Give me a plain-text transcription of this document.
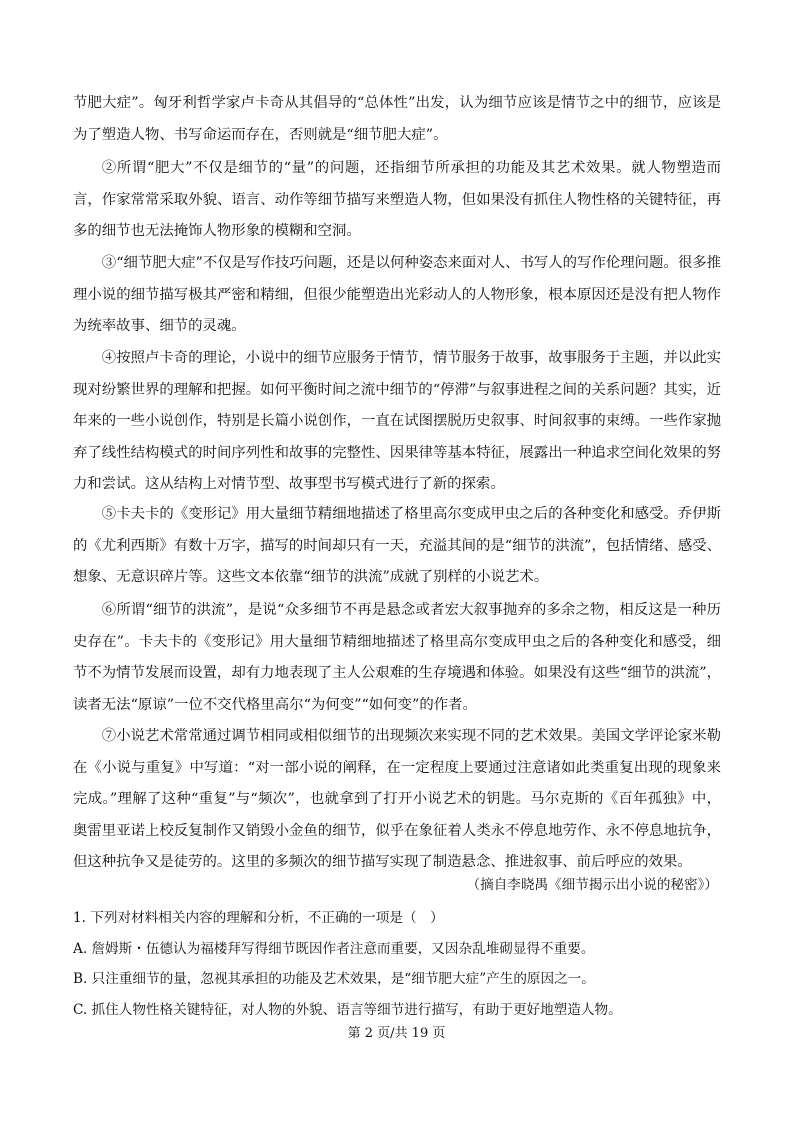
节肥大症”。匈牙利哲学家卢卡奇从其倡导的“总体性”出发，认为细节应该是情节之中的细节，应该是为了塑造人物、书写命运而存在，否则就是“细节肥大症”。

②所谓“肥大”不仅是细节的“量”的问题，还指细节所承担的功能及其艺术效果。就人物塑造而言，作家常常采取外貌、语言、动作等细节描写来塑造人物，但如果没有抓住人物性格的关键特征，再多的细节也无法掩饰人物形象的模糊和空洞。

③“细节肥大症”不仅是写作技巧问题，还是以何种姿态来面对人、书写人的写作伦理问题。很多推理小说的细节描写极其严密和精细，但很少能塑造出光彩动人的人物形象，根本原因还是没有把人物作为统率故事、细节的灵魂。

④按照卢卡奇的理论，小说中的细节应服务于情节，情节服务于故事，故事服务于主题，并以此实现对纷繁世界的理解和把握。如何平衡时间之流中细节的“停滞”与叙事进程之间的关系问题？其实，近年来的一些小说创作，特别是长篇小说创作，一直在试图摆脱历史叙事、时间叙事的束缚。一些作家抛弃了线性结构模式的时间序列性和故事的完整性、因果律等基本特征，展露出一种追求空间化效果的努力和尝试。这从结构上对情节型、故事型书写模式进行了新的探索。

⑤卡夫卡的《变形记》用大量细节精细地描述了格里高尔变成甲虫之后的各种变化和感受。乔伊斯的《尤利西斯》有数十万字，描写的时间却只有一天，充溢其间的是“细节的洪流”，包括情绪、感受、想象、无意识碎片等。这些文本依靠“细节的洪流”成就了别样的小说艺术。

⑥所谓“细节的洪流”，是说“众多细节不再是悬念或者宏大叙事抛弃的多余之物，相反这是一种历史存在”。卡夫卡的《变形记》用大量细节精细地描述了格里高尔变成甲虫之后的各种变化和感受，细节不为情节发展而设置，却有力地表现了主人公艰难的生存境遇和体验。如果没有这些“细节的洪流”，读者无法“原谅”一位不交代格里高尔“为何变”“如何变”的作者。

⑦小说艺术常常通过调节相同或相似细节的出现频次来实现不同的艺术效果。美国文学评论家米勒在《小说与重复》中写道：“对一部小说的阐释，在一定程度上要通过注意诸如此类重复出现的现象来完成。”理解了这种“重复”与“频次”，也就拿到了打开小说艺术的钥匙。马尔克斯的《百年孤独》中，奥雷里亚诺上校反复制作又销毁小金鱼的细节，似乎在象征着人类永不停息地劳作、永不停息地抗争，但这种抗争又是徒劳的。这里的多频次的细节描写实现了制造悬念、推进叙事、前后呼应的效果。

（摘自李晓禺《细节揭示出小说的秘密》）

1. 下列对材料相关内容的理解和分析，不正确的一项是（　）

A. 詹姆斯・伍德认为福楼拜写得细节既因作者注意而重要，又因杂乱堆砌显得不重要。

B. 只注重细节的量，忽视其承担的功能及艺术效果，是“细节肥大症”产生的原因之一。

C. 抓住人物性格关键特征，对人物的外貌、语言等细节进行描写，有助于更好地塑造人物。

第 2 页/共 19 页
